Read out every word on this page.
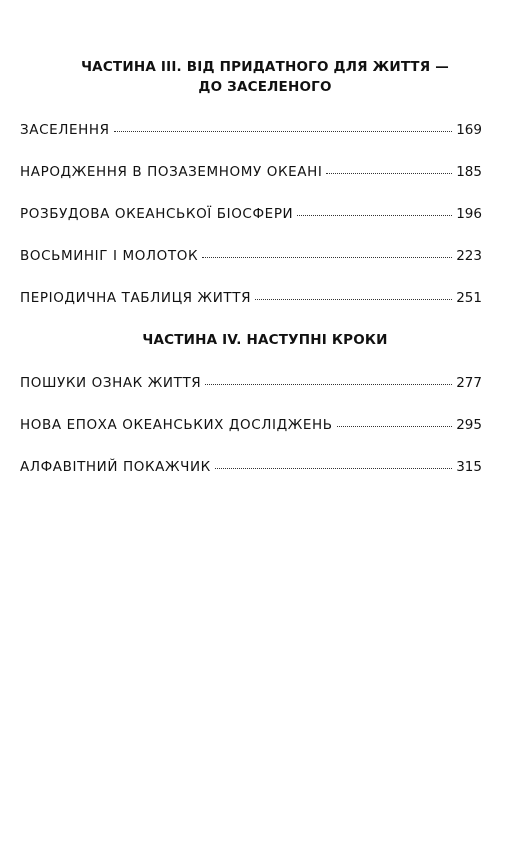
ЧАСТИНА III. ВІД ПРИДАТНОГО ДЛЯ ЖИТТЯ —
ДО ЗАСЕЛЕНОГО
ЗАСЕЛЕННЯ	169
НАРОДЖЕННЯ В ПОЗАЗЕМНОМУ ОКЕАНІ	185
РОЗБУДОВА ОКЕАНСЬКОЇ БІОСФЕРИ	196
ВОСЬМИНІГ І МОЛОТОК	223
ПЕРІОДИЧНА ТАБЛИЦЯ ЖИТТЯ	251
ЧАСТИНА IV. НАСТУПНІ КРОКИ
ПОШУКИ ОЗНАК ЖИТТЯ	277
НОВА ЕПОХА ОКЕАНСЬКИХ ДОСЛІДЖЕНЬ	295
АЛФАВІТНИЙ ПОКАЖЧИК	315
